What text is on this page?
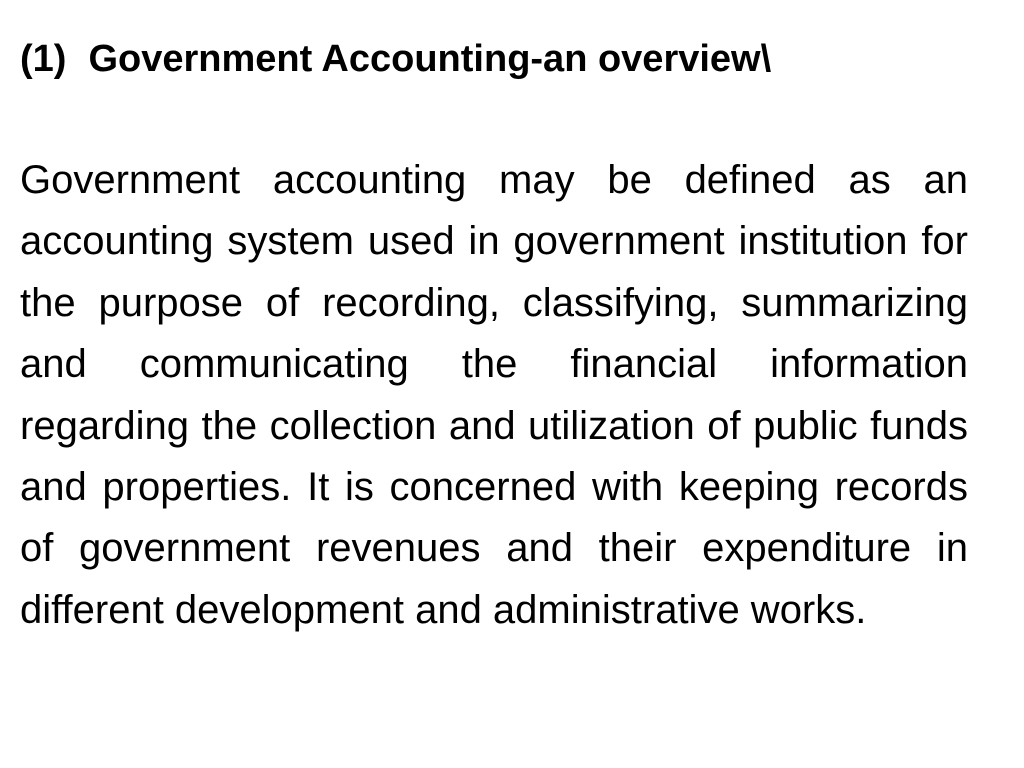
(1) Government Accounting-an overview\

Government accounting may be defined as an accounting system used in government institution for the purpose of recording, classifying, summarizing and communicating the financial information regarding the collection and utilization of public funds and properties. It is concerned with keeping records of government revenues and their expenditure in different development and administrative works.
